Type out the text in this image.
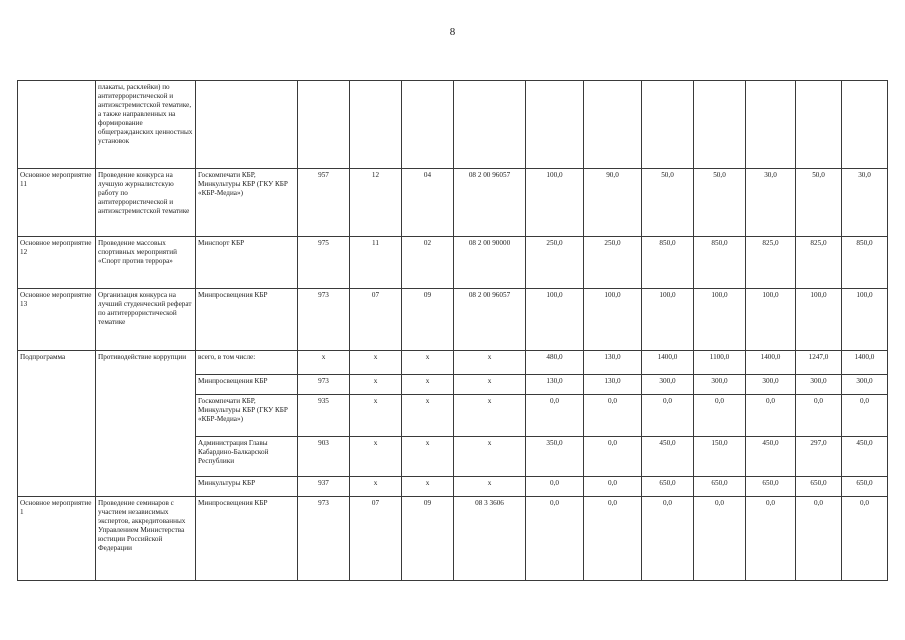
8
	плакаты, расклейки) по антитеррористической и антиэкстремистской тематике, а также направленных на формирование общегражданских ценностных установок												
Основное мероприятие 11	Проведение конкурса на лучшую журналистскую работу по антитеррористической и антиэкстремистской тематике	Госкомпечати КБР, Минкультуры КБР (ГКУ КБР «КБР-Медиа»)	957	12	04	08 2 00 96057	100,0	90,0	50,0	50,0	30,0	50,0	30,0
Основное мероприятие 12	Проведение массовых спортивных мероприятий «Спорт против террора»	Минспорт КБР	975	11	02	08 2 00 90000	250,0	250,0	850,0	850,0	825,0	825,0	850,0
Основное мероприятие 13	Организация конкурса на лучший студенческий реферат по антитеррористической тематике	Минпросвещения КБР	973	07	09	08 2 00 96057	100,0	100,0	100,0	100,0	100,0	100,0	100,0
Подпрограмма	Противодействие коррупции	всего, в том числе:	x	x	x	x	480,0	130,0	1400,0	1100,0	1400,0	1247,0	1400,0
		Минпросвещения КБР	973	x	x	x	130,0	130,0	300,0	300,0	300,0	300,0	300,0
		Госкомпечати КБР, Минкультуры КБР (ГКУ КБР «КБР-Медиа»)	935	x	x	x	0,0	0,0	0,0	0,0	0,0	0,0	0,0
		Администрация Главы Кабардино-Балкарской Республики	903	x	x	x	350,0	0,0	450,0	150,0	450,0	297,0	450,0
		Минкультуры КБР	937	x	x	x	0,0	0,0	650,0	650,0	650,0	650,0	650,0
Основное мероприятие 1	Проведение семинаров с участием независимых экспертов, аккредитованных Управлением Министерства юстиции Российской Федерации	Минпросвещения КБР	973	07	09	08 3 3606	0,0	0,0	0,0	0,0	0,0	0,0	0,0
